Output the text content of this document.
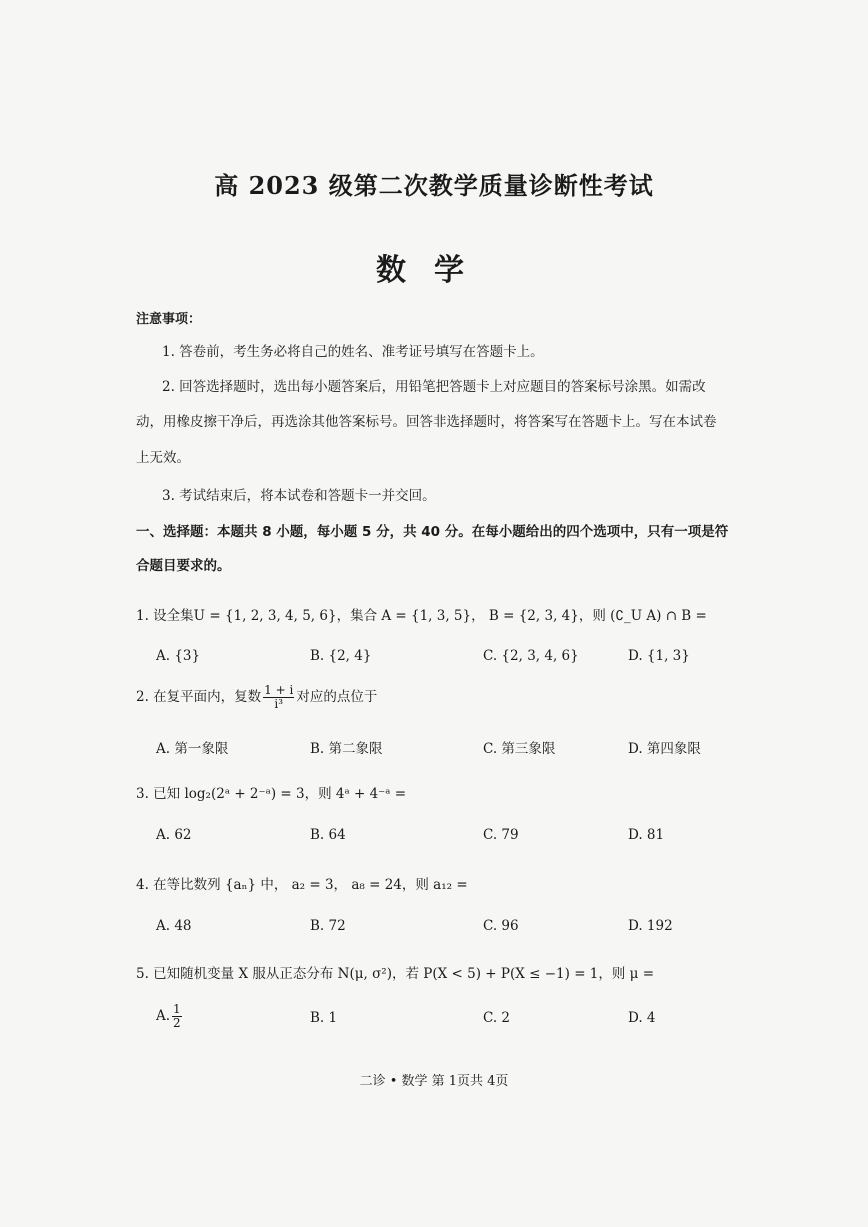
高 2023 级第二次教学质量诊断性考试
数学
注意事项：
1. 答卷前，考生务必将自己的姓名、准考证号填写在答题卡上。
2. 回答选择题时，选出每小题答案后，用铅笔把答题卡上对应题目的答案标号涂黑。如需改
动，用橡皮擦干净后，再选涂其他答案标号。回答非选择题时，将答案写在答题卡上。写在本试卷
上无效。
3. 考试结束后，将本试卷和答题卡一并交回。
一、选择题：本题共 8 小题，每小题 5 分，共 40 分。在每小题给出的四个选项中，只有一项是符
合题目要求的。
1. 设全集U = {1, 2, 3, 4, 5, 6}，集合 A = {1, 3, 5}， B = {2, 3, 4}，则 (∁_U A) ∩ B =
A. {3}	B. {2, 4}	C. {2, 3, 4, 6}	D. {1, 3}
2. 在复平面内，复数 $\frac{1 + i}{\text{i³}}$ 对应的点位于
A. 第一象限	B. 第二象限	C. 第三象限	D. 第四象限
3. 已知 log₂(2ᵃ + 2⁻ᵃ) = 3，则 4ᵃ + 4⁻ᵃ =
A. 62	B. 64	C. 79	D. 81
4. 在等比数列 {aₙ} 中， a₂ = 3， a₈ = 24，则 a₁₂ =
A. 48	B. 72	C. 96	D. 192
5. 已知随机变量 X 服从正态分布 N(μ, σ²)，若 P(X < 5) + P(X ≤ −1) = 1，则 μ =
A. $\frac{1}{2}$	B. 1	C. 2	D. 4
二诊 • 数学 第 1页共 4页
